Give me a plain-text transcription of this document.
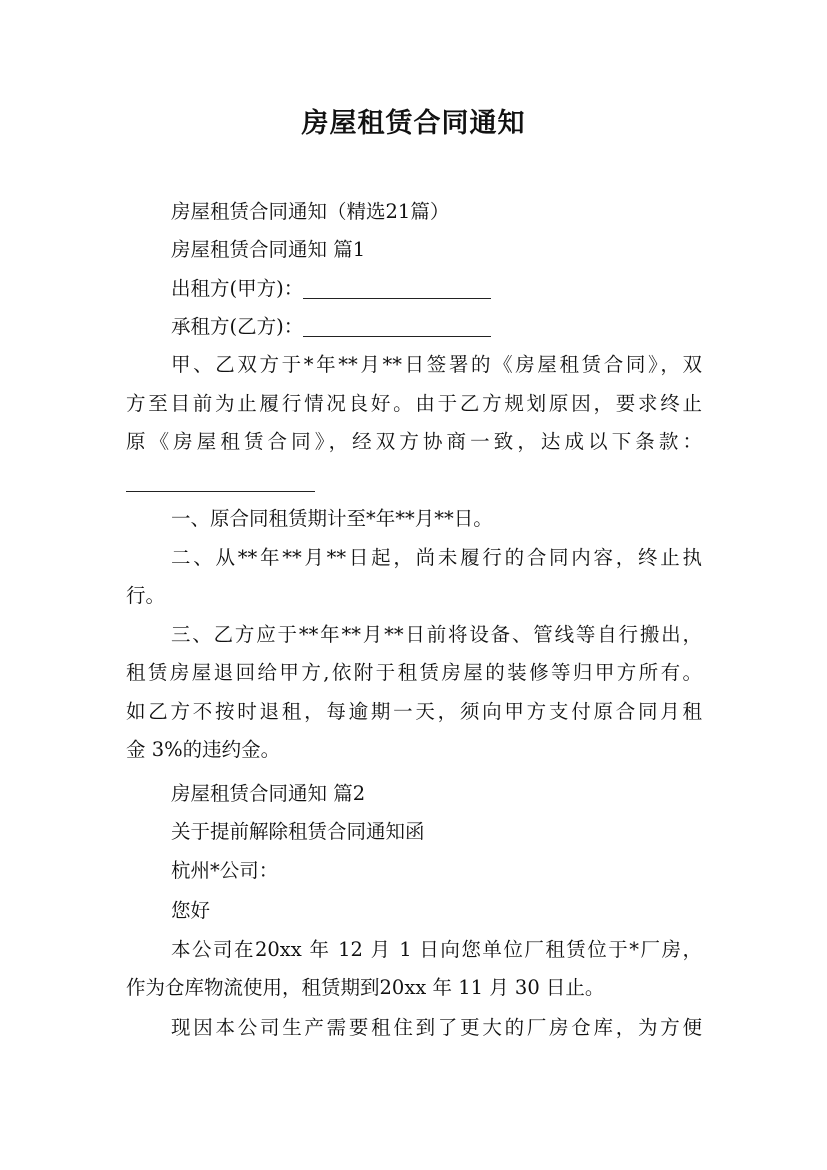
房屋租赁合同通知
房屋租赁合同通知（精选21篇）
房屋租赁合同通知 篇1
出租方(甲方)：
承租方(乙方)：
甲、乙双方于*年**月**日签署的《房屋租赁合同》，双
方至目前为止履行情况良好。由于乙方规划原因，要求终止
原《房屋租赁合同》，经双方协商一致，达成以下条款：
一、原合同租赁期计至*年**月**日。
二、从**年**月**日起，尚未履行的合同内容，终止执
行。
三、乙方应于**年**月**日前将设备、管线等自行搬出，
租赁房屋退回给甲方,依附于租赁房屋的装修等归甲方所有。
如乙方不按时退租，每逾期一天，须向甲方支付原合同月租
金 3%的违约金。
房屋租赁合同通知 篇2
关于提前解除租赁合同通知函
杭州*公司：
您好
本公司在20xx 年 12 月 1 日向您单位厂租赁位于*厂房，
作为仓库物流使用，租赁期到20xx 年 11 月 30 日止。
现因本公司生产需要租住到了更大的厂房仓库，为方便
